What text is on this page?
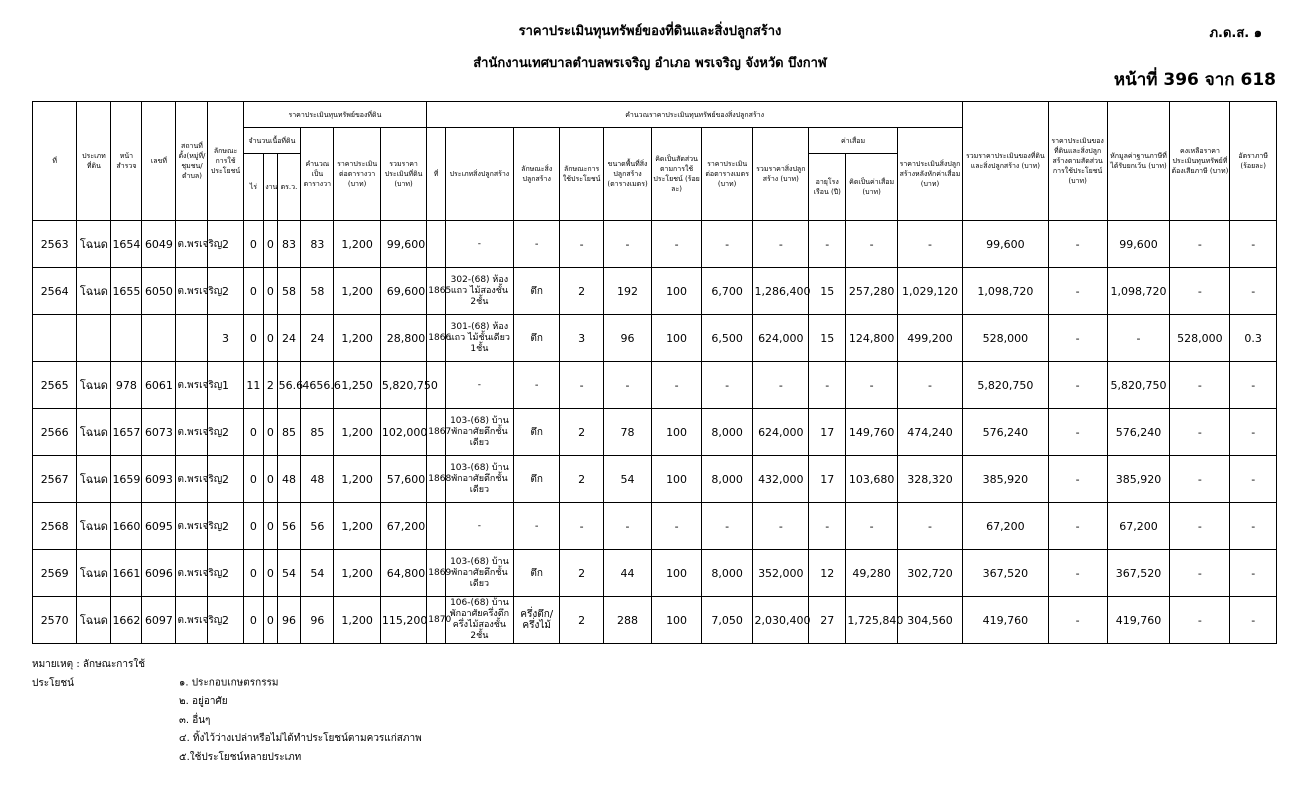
ราคาประเมินทุนทรัพย์ของที่ดินและสิ่งปลูกสร้าง
สำนักงานเทศบาลตำบลพรเจริญ อำเภอ พรเจริญ จังหวัด บึงกาฬ
ภ.ด.ส. ๑
หน้าที่ 396 จาก 618
ที่	ประเภทที่ดิน	หน้าสำรวจ	เลขที่	สถานที่ตั้ง(หมู่ที่/ชุมชน/ตำบล)	ลักษณะการใช้ประโยชน์	ราคาประเมินทุนทรัพย์ของที่ดิน						คำนวณราคาประเมินทุนทรัพย์ของสิ่งปลูกสร้าง											รวมราคาประเมินของที่ดินและสิ่งปลูกสร้าง (บาท)	ราคาประเมินของที่ดินและสิ่งปลูกสร้างตามสัดส่วนการใช้ประโยชน์ (บาท)	หักมูลค่าฐานภาษีที่ได้รับยกเว้น (บาท)	คงเหลือราคาประเมินทุนทรัพย์ที่ต้องเสียภาษี (บาท)	อัตราภาษี (ร้อยละ)
						จำนวนเนื้อที่ดิน			คำนวณเป็นตารางวา	ราคาประเมินต่อตารางวา (บาท)	รวมราคาประเมินที่ดิน (บาท)	ที่	ประเภทสิ่งปลูกสร้าง	ลักษณะสิ่งปลูกสร้าง	ลักษณะการใช้ประโยชน์	ขนาดพื้นที่สิ่งปลูกสร้าง (ตารางเมตร)	คิดเป็นสัดส่วนตามการใช้ประโยชน์ (ร้อยละ)	ราคาประเมินต่อตารางเมตร (บาท)	รวมราคาสิ่งปลูกสร้าง (บาท)	ค่าเสื่อม		ราคาประเมินสิ่งปลูกสร้างหลังหักค่าเสื่อม (บาท)					
						ไร่	งาน	ตร.ว.												อายุโรงเรือน (ปี)	คิดเป็นค่าเสื่อม (บาท)						
2563	โฉนด	1654	6049	ต.พรเจริญ	2	0	0	83	83	1,200	99,600		-	-	-	-	-	-	-	-	-	-	99,600	-	99,600	-	-
2564	โฉนด	1655	6050	ต.พรเจริญ	2	0	0	58	58	1,200	69,600	1865	302-(68) ห้องแถว ไม้สองชั้น 2ชั้น	ตึก	2	192	100	6,700	1,286,400	15	257,280	1,029,120	1,098,720	-	1,098,720	-	-
					3	0	0	24	24	1,200	28,800	1866	301-(68) ห้องแถว ไม้ชั้นเดียว 1ชั้น	ตึก	3	96	100	6,500	624,000	15	124,800	499,200	528,000	-	-	528,000	0.3
2565	โฉนด	978	6061	ต.พรเจริญ	1	11	2	56.6	4656.6	1,250	5,820,750		-	-	-	-	-	-	-	-	-	-	5,820,750	-	5,820,750	-	-
2566	โฉนด	1657	6073	ต.พรเจริญ	2	0	0	85	85	1,200	102,000	1867	103-(68) บ้านพักอาศัยตึกชั้นเดียว	ตึก	2	78	100	8,000	624,000	17	149,760	474,240	576,240	-	576,240	-	-
2567	โฉนด	1659	6093	ต.พรเจริญ	2	0	0	48	48	1,200	57,600	1868	103-(68) บ้านพักอาศัยตึกชั้นเดียว	ตึก	2	54	100	8,000	432,000	17	103,680	328,320	385,920	-	385,920	-	-
2568	โฉนด	1660	6095	ต.พรเจริญ	2	0	0	56	56	1,200	67,200		-	-	-	-	-	-	-	-	-	-	67,200	-	67,200	-	-
2569	โฉนด	1661	6096	ต.พรเจริญ	2	0	0	54	54	1,200	64,800	1869	103-(68) บ้านพักอาศัยตึกชั้นเดียว	ตึก	2	44	100	8,000	352,000	12	49,280	302,720	367,520	-	367,520	-	-
2570	โฉนด	1662	6097	ต.พรเจริญ	2	0	0	96	96	1,200	115,200	1870	106-(68) บ้านพักอาศัยครึ่งตึกครึ่งไม้สองชั้น 2ชั้น	ครึ่งตึก/ครึ่งไม้	2	288	100	7,050	2,030,400	27	1,725,840	304,560	419,760	-	419,760	-	-
หมายเหตุ : ลักษณะการใช้ประโยชน์	๑. ประกอบเกษตรกรรม
๒. อยู่อาศัย
๓. อื่นๆ
๔. ทิ้งไว้ว่างเปล่าหรือไม่ได้ทำประโยชน์ตามควรแก่สภาพ
๕.ใช้ประโยชน์หลายประเภท
